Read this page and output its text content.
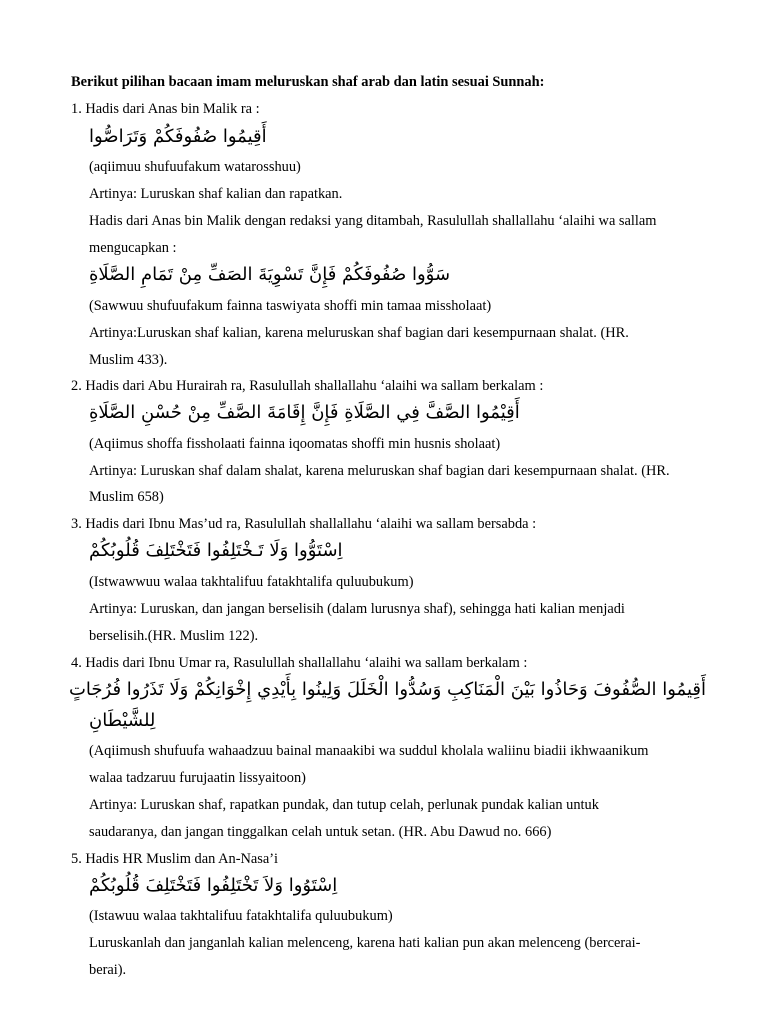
Berikut pilihan bacaan imam meluruskan shaf arab dan latin sesuai Sunnah:
1. Hadis dari Anas bin Malik ra :
أَقِيمُوا صُفُوفَكُمْ وَتَرَاصُّوا
(aqiimuu shufuufakum watarosshuu)
Artinya: Luruskan shaf kalian dan rapatkan.
Hadis dari Anas bin Malik dengan redaksi yang ditambah, Rasulullah shallallahu ‘alaihi wa sallam
mengucapkan :
سَوُّوا صُفُوفَكُمْ فَإِنَّ تَسْوِيَةَ الصَفِّ مِنْ تَمَامِ الصَّلَاةِ
(Sawwuu shufuufakum fainna taswiyata shoffi min tamaa missholaat)
Artinya:Luruskan shaf kalian, karena meluruskan shaf bagian dari kesempurnaan shalat. (HR.
Muslim 433).
2. Hadis dari Abu Hurairah ra, Rasulullah shallallahu ‘alaihi wa sallam berkalam :
أَقِيْمُوا الصَّفَّ فِي الصَّلَاةِ فَإِنَّ إِقَامَةَ الصَّفِّ مِنْ حُسْنِ الصَّلَاةِ
(Aqiimus shoffa fissholaati fainna iqoomatas shoffi min husnis sholaat)
Artinya: Luruskan shaf dalam shalat, karena meluruskan shaf bagian dari kesempurnaan shalat. (HR.
Muslim 658)
3. Hadis dari Ibnu Mas’ud ra, Rasulullah shallallahu ‘alaihi wa sallam bersabda :
اِسْتَوُّوا وَلَا تَـخْتَلِفُوا فَتَخْتَلِفَ قُلُوبُكُمْ
(Istwawwuu walaa takhtalifuu fatakhtalifa quluubukum)
Artinya: Luruskan, dan jangan berselisih (dalam lurusnya shaf), sehingga hati kalian menjadi
berselisih.(HR. Muslim 122).
4. Hadis dari Ibnu Umar ra, Rasulullah shallallahu ‘alaihi wa sallam berkalam :
أَقِيمُوا الصُّفُوفَ وَحَاذُوا بَيْنَ الْمَنَاكِبِ وَسُدُّوا الْخَلَلَ وَلِينُوا بِأَيْدِي إِخْوَانِكُمْ وَلَا تَذَرُوا فُرُجَاتٍ
لِلشَّيْطَانِ
(Aqiimush shufuufa wahaadzuu bainal manaakibi wa suddul kholala waliinu biadii ikhwaanikum
walaa tadzaruu furujaatin lissyaitoon)
Artinya: Luruskan shaf, rapatkan pundak, dan tutup celah, perlunak pundak kalian untuk
saudaranya, dan jangan tinggalkan celah untuk setan. (HR. Abu Dawud no. 666)
5. Hadis HR Muslim dan An-Nasa’i
اِسْتَوُوا وَلاَ تَخْتَلِفُوا فَتَخْتَلِفَ قُلُوبُكُمْ
(Istawuu walaa takhtalifuu fatakhtalifa quluubukum)
Luruskanlah dan janganlah kalian melenceng, karena hati kalian pun akan melenceng (bercerai-
berai).
